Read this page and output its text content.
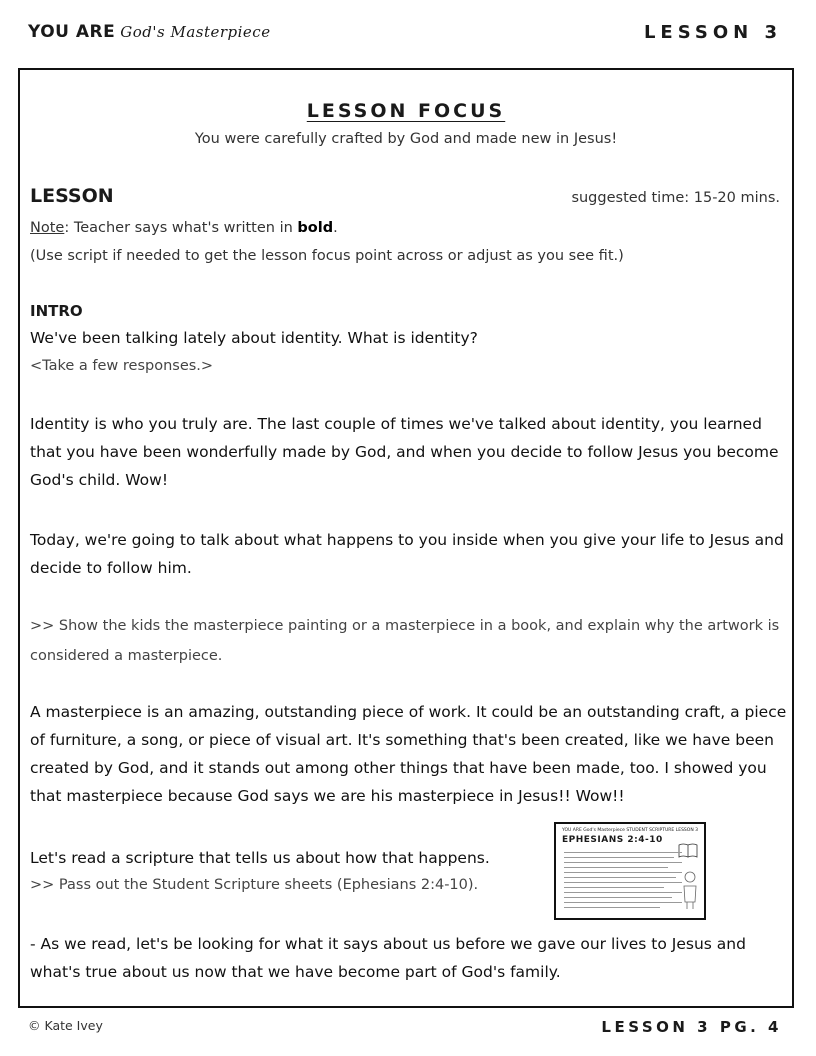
YOU ARE God's Masterpiece	LESSON 3
LESSON FOCUS
You were carefully crafted by God and made new in Jesus!
LESSON	suggested time: 15-20 mins.
Note: Teacher says what's written in bold.
(Use script if needed to get the lesson focus point across or adjust as you see fit.)
INTRO
We've been talking lately about identity. What is identity?
<Take a few responses.>
Identity is who you truly are. The last couple of times we've talked about identity, you learned that you have been wonderfully made by God, and when you decide to follow Jesus you become God's child. Wow!
Today, we're going to talk about what happens to you inside when you give your life to Jesus and decide to follow him.
>> Show the kids the masterpiece painting or a masterpiece in a book, and explain why the artwork is considered a masterpiece.
A masterpiece is an amazing, outstanding piece of work. It could be an outstanding craft, a piece of furniture, a song, or piece of visual art. It's something that's been created, like we have been created by God, and it stands out among other things that have been made, too. I showed you that masterpiece because God says we are his masterpiece in Jesus!! Wow!!
Let's read a scripture that tells us about how that happens.
>> Pass out the Student Scripture sheets (Ephesians 2:4-10).
YOU ARE God's Masterpiece STUDENT SCRIPTURE LESSON 3
EPHESIANS 2:4-10
- As we read, let's be looking for what it says about us before we gave our lives to Jesus and what's true about us now that we have become part of God's family.
© Kate Ivey	LESSON 3 PG. 4
